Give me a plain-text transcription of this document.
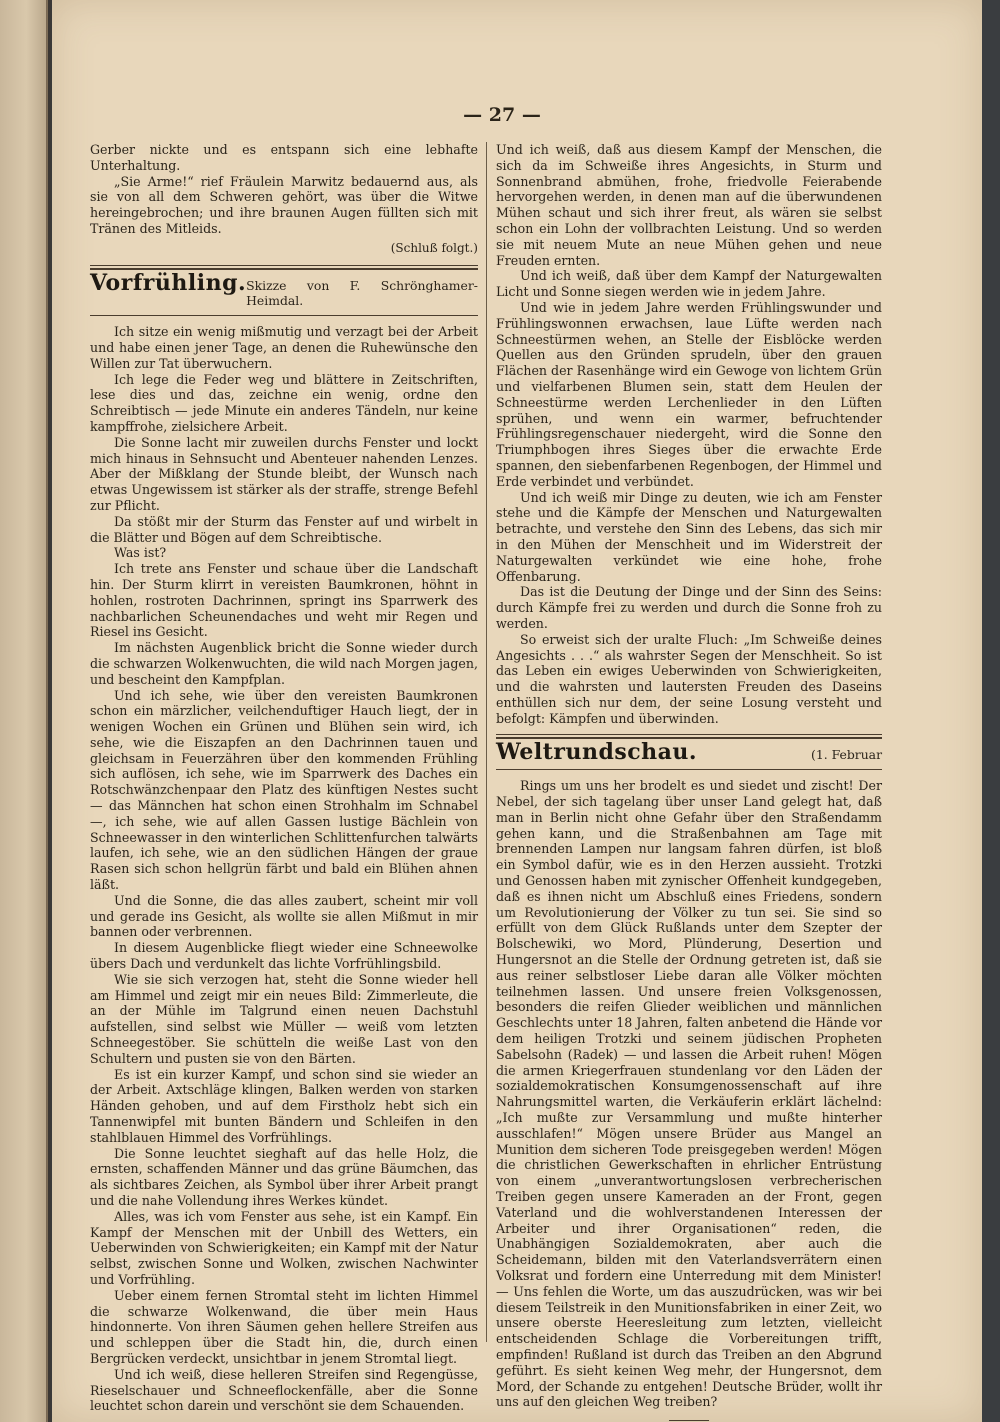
— 27 —

Gerber nickte und es entspann sich eine lebhafte Unterhaltung.

„Sie Arme!“ rief Fräulein Marwitz bedauernd aus, als sie von all dem Schweren gehört, was über die Witwe hereingebrochen; und ihre braunen Augen füllten sich mit Tränen des Mitleids.

(Schluß folgt.)

Vorfrühling. Skizze von F. Schrönghamer-Heimdal.

Ich sitze ein wenig mißmutig und verzagt bei der Arbeit und habe einen jener Tage, an denen die Ruhewünsche den Willen zur Tat überwuchern.

Ich lege die Feder weg und blättere in Zeitschriften, lese dies und das, zeichne ein wenig, ordne den Schreibtisch — jede Minute ein anderes Tändeln, nur keine kampffrohe, zielsichere Arbeit.

Die Sonne lacht mir zuweilen durchs Fenster und lockt mich hinaus in Sehnsucht und Abenteuer nahenden Lenzes. Aber der Mißklang der Stunde bleibt, der Wunsch nach etwas Ungewissem ist stärker als der straffe, strenge Befehl zur Pflicht.

Da stößt mir der Sturm das Fenster auf und wirbelt in die Blätter und Bögen auf dem Schreibtische.

Was ist?

Ich trete ans Fenster und schaue über die Landschaft hin. Der Sturm klirrt in vereisten Baumkronen, höhnt in hohlen, rostroten Dachrinnen, springt ins Sparrwerk des nachbarlichen Scheunendaches und weht mir Regen und Riesel ins Gesicht.

Im nächsten Augenblick bricht die Sonne wieder durch die schwarzen Wolkenwuchten, die wild nach Morgen jagen, und bescheint den Kampfplan.

Und ich sehe, wie über den vereisten Baumkronen schon ein märzlicher, veilchenduftiger Hauch liegt, der in wenigen Wochen ein Grünen und Blühen sein wird, ich sehe, wie die Eiszapfen an den Dachrinnen tauen und gleichsam in Feuerzähren über den kommenden Frühling sich auflösen, ich sehe, wie im Sparrwerk des Daches ein Rotschwänzchenpaar den Platz des künftigen Nestes sucht — das Männchen hat schon einen Strohhalm im Schnabel —, ich sehe, wie auf allen Gassen lustige Bächlein von Schneewasser in den winterlichen Schlittenfurchen talwärts laufen, ich sehe, wie an den südlichen Hängen der graue Rasen sich schon hellgrün färbt und bald ein Blühen ahnen läßt.

Und die Sonne, die das alles zaubert, scheint mir voll und gerade ins Gesicht, als wollte sie allen Mißmut in mir bannen oder verbrennen.

In diesem Augenblicke fliegt wieder eine Schneewolke übers Dach und verdunkelt das lichte Vorfrühlingsbild.

Wie sie sich verzogen hat, steht die Sonne wieder hell am Himmel und zeigt mir ein neues Bild: Zimmerleute, die an der Mühle im Talgrund einen neuen Dachstuhl aufstellen, sind selbst wie Müller — weiß vom letzten Schneegestöber. Sie schütteln die weiße Last von den Schultern und pusten sie von den Bärten.

Es ist ein kurzer Kampf, und schon sind sie wieder an der Arbeit. Axtschläge klingen, Balken werden von starken Händen gehoben, und auf dem Firstholz hebt sich ein Tannenwipfel mit bunten Bändern und Schleifen in den stahlblauen Himmel des Vorfrühlings.

Die Sonne leuchtet sieghaft auf das helle Holz, die ernsten, schaffenden Männer und das grüne Bäumchen, das als sichtbares Zeichen, als Symbol über ihrer Arbeit prangt und die nahe Vollendung ihres Werkes kündet.

Alles, was ich vom Fenster aus sehe, ist ein Kampf. Ein Kampf der Menschen mit der Unbill des Wetters, ein Ueberwinden von Schwierigkeiten; ein Kampf mit der Natur selbst, zwischen Sonne und Wolken, zwischen Nachwinter und Vorfrühling.

Ueber einem fernen Stromtal steht im lichten Himmel die schwarze Wolkenwand, die über mein Haus hindonnerte. Von ihren Säumen gehen hellere Streifen aus und schleppen über die Stadt hin, die, durch einen Bergrücken verdeckt, unsichtbar in jenem Stromtal liegt.

Und ich weiß, diese helleren Streifen sind Regengüsse, Rieselschauer und Schneeflockenfälle, aber die Sonne leuchtet schon darein und verschönt sie dem Schauenden.

Und ich weiß, daß aus diesem Kampf der Menschen, die sich da im Schweiße ihres Angesichts, in Sturm und Sonnenbrand abmühen, frohe, friedvolle Feierabende hervorgehen werden, in denen man auf die überwundenen Mühen schaut und sich ihrer freut, als wären sie selbst schon ein Lohn der vollbrachten Leistung. Und so werden sie mit neuem Mute an neue Mühen gehen und neue Freuden ernten.

Und ich weiß, daß über dem Kampf der Naturgewalten Licht und Sonne siegen werden wie in jedem Jahre.

Und wie in jedem Jahre werden Frühlingswunder und Frühlingswonnen erwachsen, laue Lüfte werden nach Schneestürmen wehen, an Stelle der Eisblöcke werden Quellen aus den Gründen sprudeln, über den grauen Flächen der Rasenhänge wird ein Gewoge von lichtem Grün und vielfarbenen Blumen sein, statt dem Heulen der Schneestürme werden Lerchenlieder in den Lüften sprühen, und wenn ein warmer, befruchtender Frühlingsregenschauer niedergeht, wird die Sonne den Triumphbogen ihres Sieges über die erwachte Erde spannen, den siebenfarbenen Regenbogen, der Himmel und Erde verbindet und verbündet.

Und ich weiß mir Dinge zu deuten, wie ich am Fenster stehe und die Kämpfe der Menschen und Naturgewalten betrachte, und verstehe den Sinn des Lebens, das sich mir in den Mühen der Menschheit und im Widerstreit der Naturgewalten verkündet wie eine hohe, frohe Offenbarung.

Das ist die Deutung der Dinge und der Sinn des Seins: durch Kämpfe frei zu werden und durch die Sonne froh zu werden.

So erweist sich der uralte Fluch: „Im Schweiße deines Angesichts . . .“ als wahrster Segen der Menschheit. So ist das Leben ein ewiges Ueberwinden von Schwierigkeiten, und die wahrsten und lautersten Freuden des Daseins enthüllen sich nur dem, der seine Losung versteht und befolgt: Kämpfen und überwinden.

Weltrundschau.	(1. Februar

Rings um uns her brodelt es und siedet und zischt! Der Nebel, der sich tagelang über unser Land gelegt hat, daß man in Berlin nicht ohne Gefahr über den Straßendamm gehen kann, und die Straßenbahnen am Tage mit brennenden Lampen nur langsam fahren dürfen, ist bloß ein Symbol dafür, wie es in den Herzen aussieht. Trotzki und Genossen haben mit zynischer Offenheit kundgegeben, daß es ihnen nicht um Abschluß eines Friedens, sondern um Revolutionierung der Völker zu tun sei. Sie sind so erfüllt von dem Glück Rußlands unter dem Szepter der Bolschewiki, wo Mord, Plünderung, Desertion und Hungersnot an die Stelle der Ordnung getreten ist, daß sie aus reiner selbstloser Liebe daran alle Völker möchten teilnehmen lassen. Und unsere freien Volksgenossen, besonders die reifen Glieder weiblichen und männlichen Geschlechts unter 18 Jahren, falten anbetend die Hände vor dem heiligen Trotzki und seinem jüdischen Propheten Sabelsohn (Radek) — und lassen die Arbeit ruhen! Mögen die armen Kriegerfrauen stundenlang vor den Läden der sozialdemokratischen Konsumgenossenschaft auf ihre Nahrungsmittel warten, die Verkäuferin erklärt lächelnd: „Ich mußte zur Versammlung und mußte hinterher ausschlafen!“ Mögen unsere Brüder aus Mangel an Munition dem sicheren Tode preisgegeben werden! Mögen die christlichen Gewerkschaften in ehrlicher Entrüstung von einem „unverantwortungslosen verbrecherischen Treiben gegen unsere Kameraden an der Front, gegen Vaterland und die wohlverstandenen Interessen der Arbeiter und ihrer Organisationen“ reden, die Unabhängigen Sozialdemokraten, aber auch die Scheidemann, bilden mit den Vaterlandsverrätern einen Volksrat und fordern eine Unterredung mit dem Minister! — Uns fehlen die Worte, um das auszudrücken, was wir bei diesem Teilstreik in den Munitionsfabriken in einer Zeit, wo unsere oberste Heeresleitung zum letzten, vielleicht entscheidenden Schlage die Vorbereitungen trifft, empfinden! Rußland ist durch das Treiben an den Abgrund geführt. Es sieht keinen Weg mehr, der Hungersnot, dem Mord, der Schande zu entgehen! Deutsche Brüder, wollt ihr uns auf den gleichen Weg treiben?
